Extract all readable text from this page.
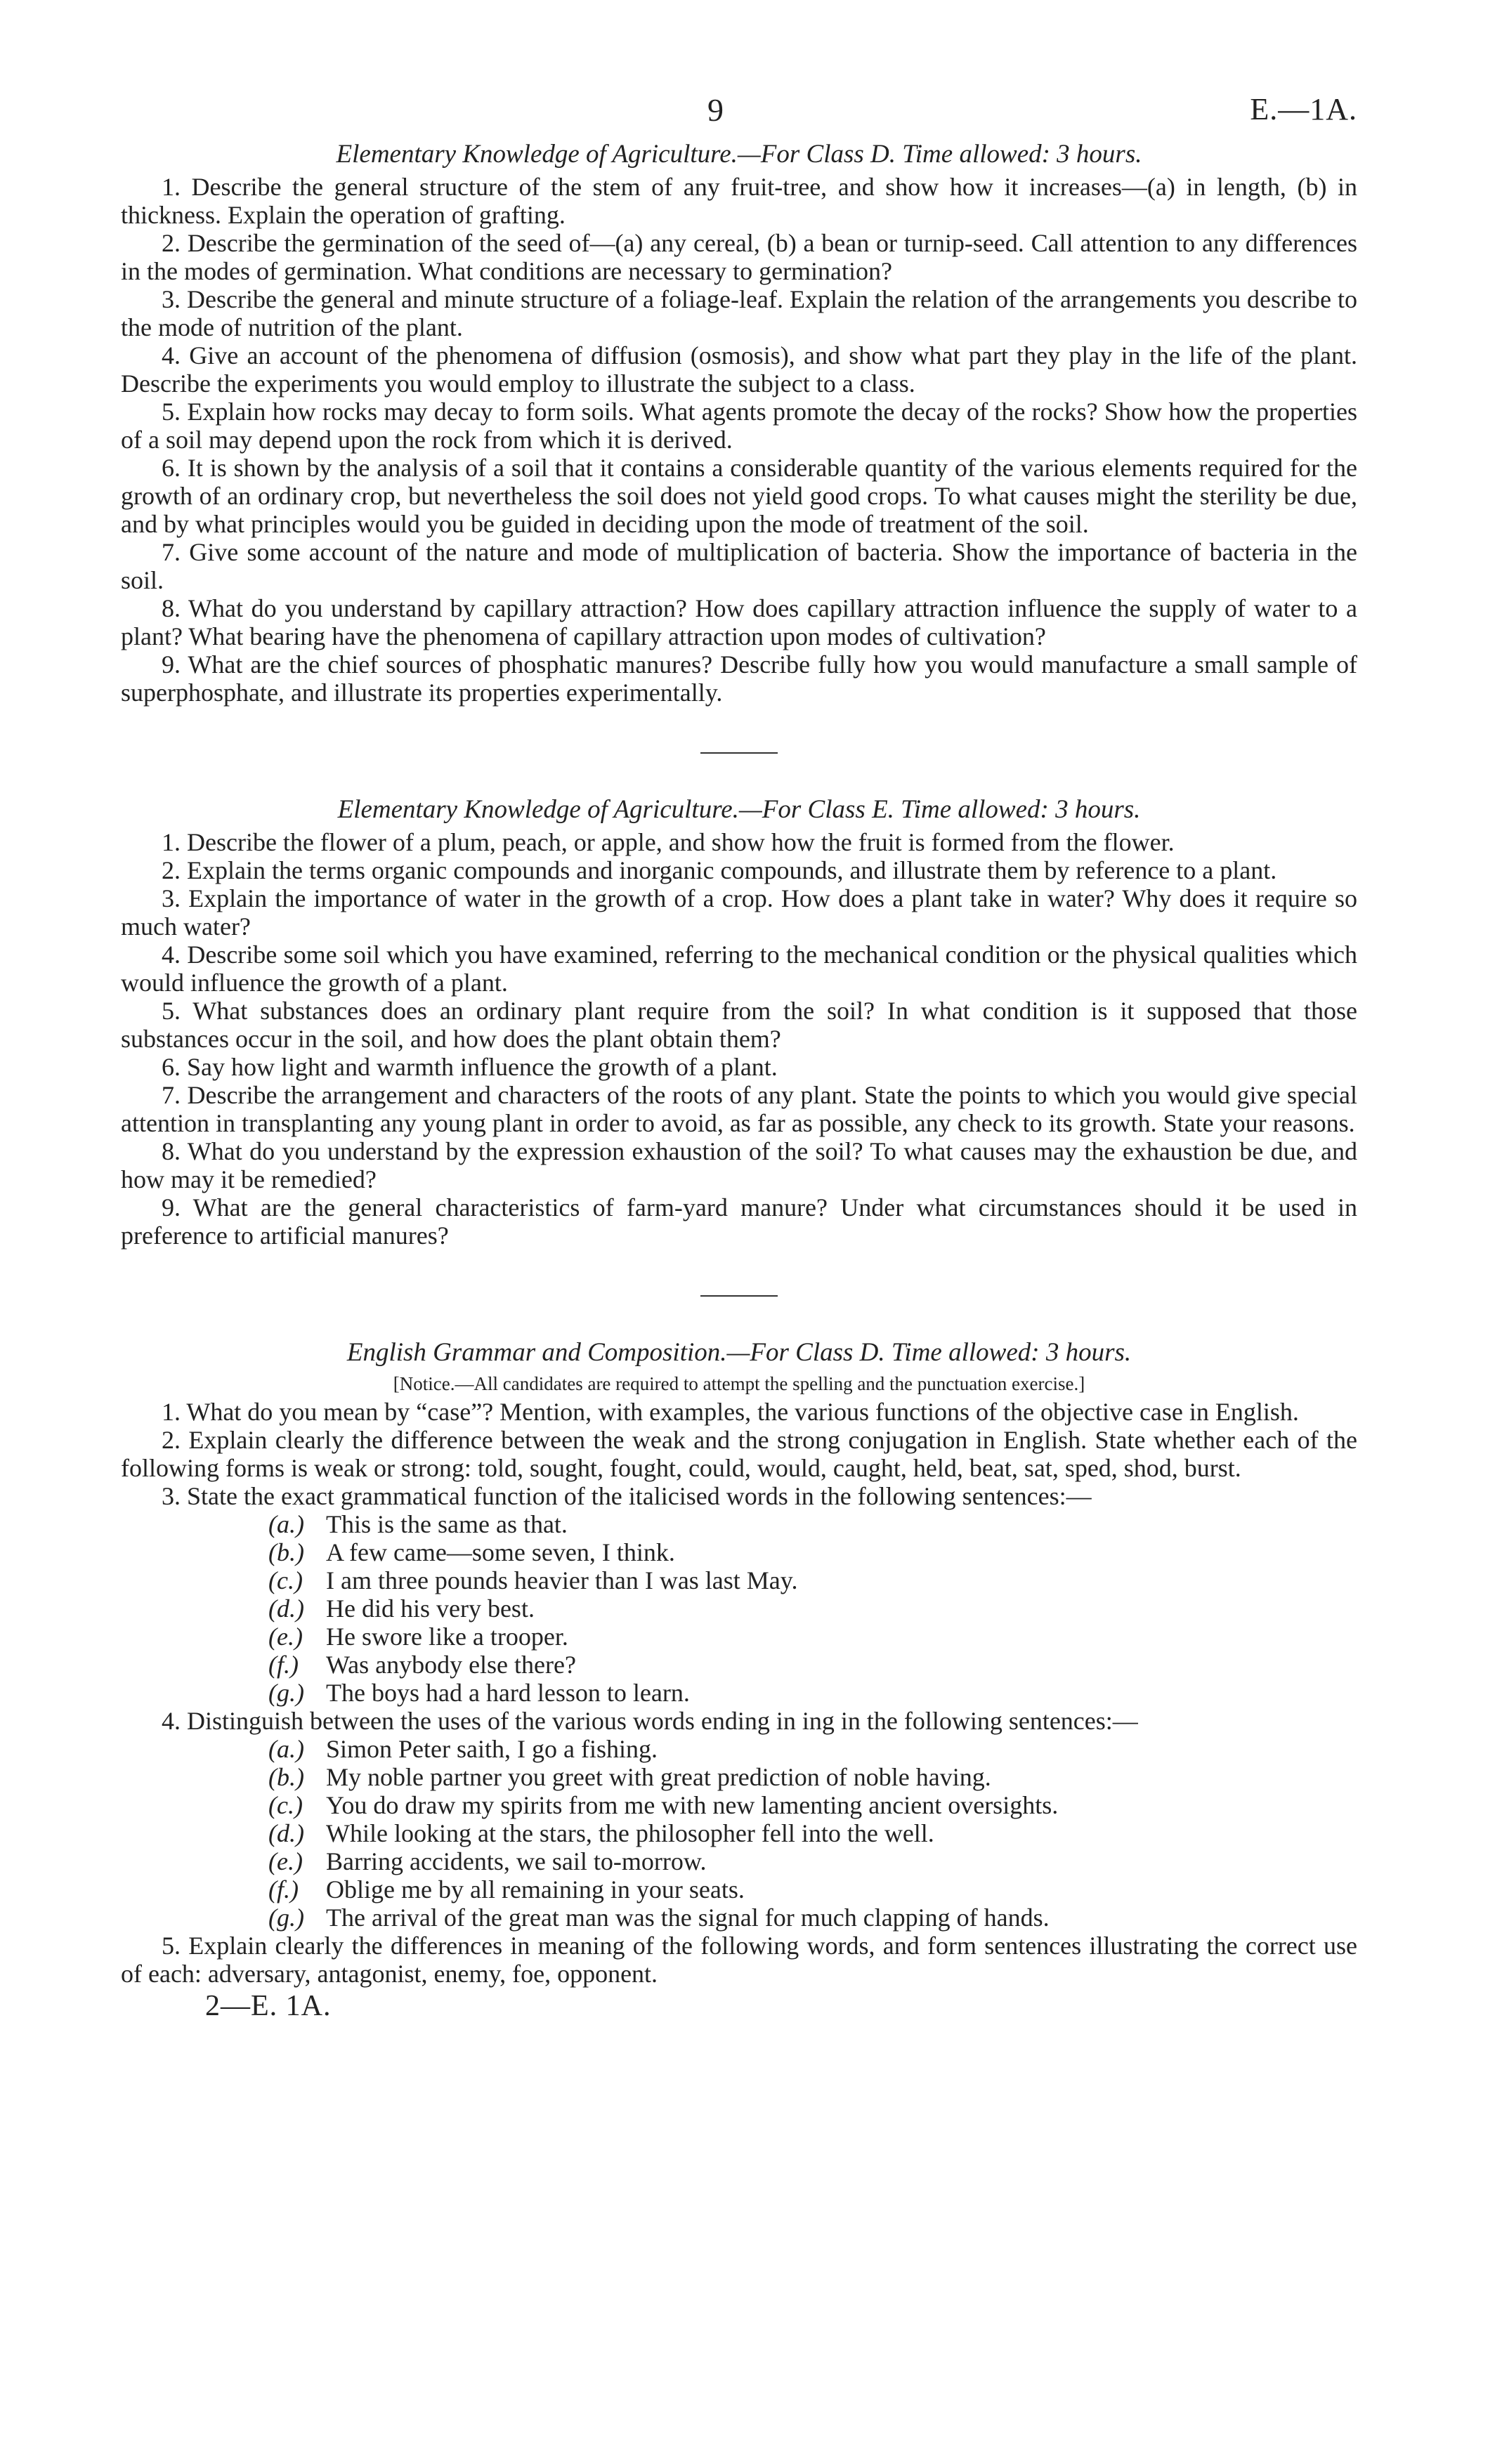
9	E.—1A.

Elementary Knowledge of Agriculture.—For Class D. Time allowed: 3 hours.

1. Describe the general structure of the stem of any fruit-tree, and show how it increases—(a) in length, (b) in thickness. Explain the operation of grafting.

2. Describe the germination of the seed of—(a) any cereal, (b) a bean or turnip-seed. Call attention to any differences in the modes of germination. What conditions are necessary to germination?

3. Describe the general and minute structure of a foliage-leaf. Explain the relation of the arrangements you describe to the mode of nutrition of the plant.

4. Give an account of the phenomena of diffusion (osmosis), and show what part they play in the life of the plant. Describe the experiments you would employ to illustrate the subject to a class.

5. Explain how rocks may decay to form soils. What agents promote the decay of the rocks? Show how the properties of a soil may depend upon the rock from which it is derived.

6. It is shown by the analysis of a soil that it contains a considerable quantity of the various elements required for the growth of an ordinary crop, but nevertheless the soil does not yield good crops. To what causes might the sterility be due, and by what principles would you be guided in deciding upon the mode of treatment of the soil.

7. Give some account of the nature and mode of multiplication of bacteria. Show the importance of bacteria in the soil.

8. What do you understand by capillary attraction? How does capillary attraction influence the supply of water to a plant? What bearing have the phenomena of capillary attraction upon modes of cultivation?

9. What are the chief sources of phosphatic manures? Describe fully how you would manufacture a small sample of superphosphate, and illustrate its properties experimentally.

Elementary Knowledge of Agriculture.—For Class E. Time allowed: 3 hours.

1. Describe the flower of a plum, peach, or apple, and show how the fruit is formed from the flower.

2. Explain the terms organic compounds and inorganic compounds, and illustrate them by reference to a plant.

3. Explain the importance of water in the growth of a crop. How does a plant take in water? Why does it require so much water?

4. Describe some soil which you have examined, referring to the mechanical condition or the physical qualities which would influence the growth of a plant.

5. What substances does an ordinary plant require from the soil? In what condition is it supposed that those substances occur in the soil, and how does the plant obtain them?

6. Say how light and warmth influence the growth of a plant.

7. Describe the arrangement and characters of the roots of any plant. State the points to which you would give special attention in transplanting any young plant in order to avoid, as far as possible, any check to its growth. State your reasons.

8. What do you understand by the expression exhaustion of the soil? To what causes may the exhaustion be due, and how may it be remedied?

9. What are the general characteristics of farm-yard manure? Under what circumstances should it be used in preference to artificial manures?

English Grammar and Composition.—For Class D. Time allowed: 3 hours.

[Notice.—All candidates are required to attempt the spelling and the punctuation exercise.]

1. What do you mean by “case”? Mention, with examples, the various functions of the objective case in English.

2. Explain clearly the difference between the weak and the strong conjugation in English. State whether each of the following forms is weak or strong: told, sought, fought, could, would, caught, held, beat, sat, sped, shod, burst.

3. State the exact grammatical function of the italicised words in the following sentences:—

(a.) This is the same as that.

(b.) A few came—some seven, I think.

(c.) I am three pounds heavier than I was last May.

(d.) He did his very best.

(e.) He swore like a trooper.

(f.) Was anybody else there?

(g.) The boys had a hard lesson to learn.

4. Distinguish between the uses of the various words ending in ing in the following sentences:—

(a.) Simon Peter saith, I go a fishing.

(b.) My noble partner you greet with great prediction of noble having.

(c.) You do draw my spirits from me with new lamenting ancient oversights.

(d.) While looking at the stars, the philosopher fell into the well.

(e.) Barring accidents, we sail to-morrow.

(f.) Oblige me by all remaining in your seats.

(g.) The arrival of the great man was the signal for much clapping of hands.

5. Explain clearly the differences in meaning of the following words, and form sentences illustrating the correct use of each: adversary, antagonist, enemy, foe, opponent.

2—E. 1A.
